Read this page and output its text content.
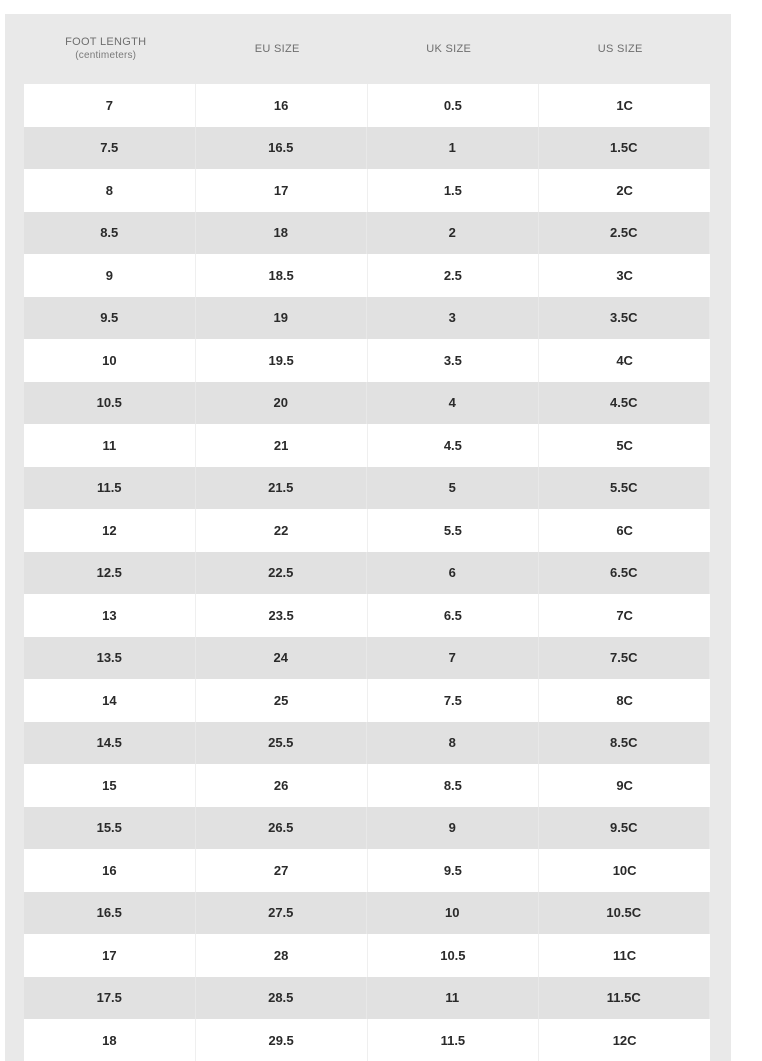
FOOT LENGTH
(centimeters)
EU SIZE	UK SIZE	US SIZE
7	16	0.5	1C
7.5	16.5	1	1.5C
8	17	1.5	2C
8.5	18	2	2.5C
9	18.5	2.5	3C
9.5	19	3	3.5C
10	19.5	3.5	4C
10.5	20	4	4.5C
11	21	4.5	5C
11.5	21.5	5	5.5C
12	22	5.5	6C
12.5	22.5	6	6.5C
13	23.5	6.5	7C
13.5	24	7	7.5C
14	25	7.5	8C
14.5	25.5	8	8.5C
15	26	8.5	9C
15.5	26.5	9	9.5C
16	27	9.5	10C
16.5	27.5	10	10.5C
17	28	10.5	11C
17.5	28.5	11	11.5C
18	29.5	11.5	12C
